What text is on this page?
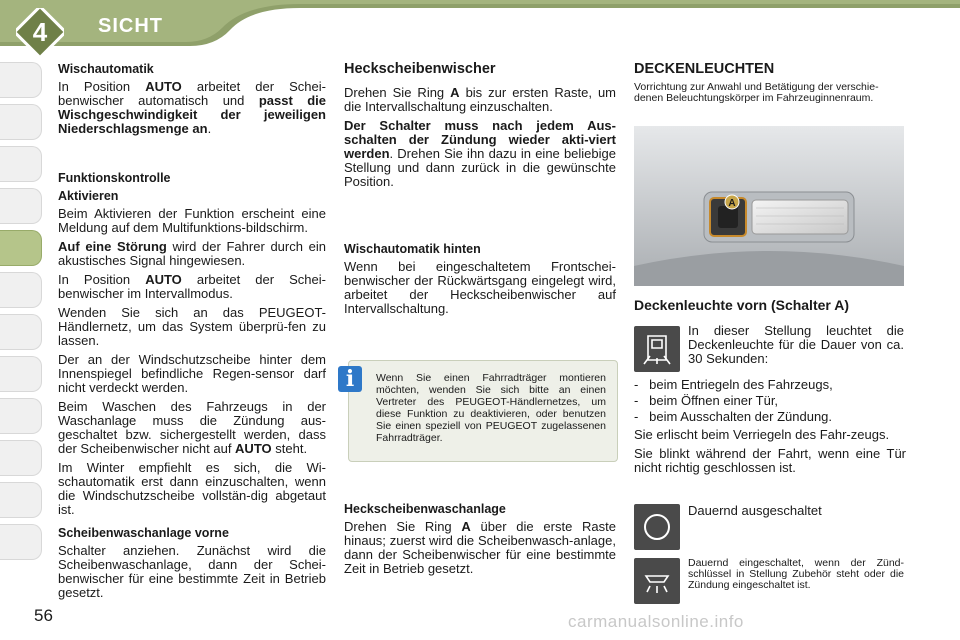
4	SICHT
Wischautomatik

In Position AUTO arbeitet der Schei-benwischer automatisch und passt die Wischgeschwindigkeit der jeweiligen Niederschlagsmenge an.

Funktionskontrolle
Aktivieren

Beim Aktivieren der Funktion erscheint eine Meldung auf dem Multifunktions-bildschirm.

Auf eine Störung wird der Fahrer durch ein akustisches Signal hingewiesen.

In Position AUTO arbeitet der Schei-benwischer im Intervallmodus.

Wenden Sie sich an das PEUGEOT-Händlernetz, um das System überprü-fen zu lassen.

Der an der Windschutzscheibe hinter dem Innenspiegel befindliche Regen-sensor darf nicht verdeckt werden.

Beim Waschen des Fahrzeugs in der Waschanlage muss die Zündung aus-geschaltet bzw. sichergestellt werden, dass der Scheibenwischer nicht auf AUTO steht.

Im Winter empfiehlt es sich, die Wi-schautomatik erst dann einzuschalten, wenn die Windschutzscheibe vollstän-dig abgetaut ist.

Scheibenwaschanlage vorne

Schalter anziehen. Zunächst wird die Scheibenwaschanlage, dann der Schei-benwischer für eine bestimmte Zeit in Betrieb gesetzt.

Heckscheibenwischer

Drehen Sie Ring A bis zur ersten Raste, um die Intervallschaltung einzuschalten.

Der Schalter muss nach jedem Aus-schalten der Zündung wieder akti-viert werden. Drehen Sie ihn dazu in eine beliebige Stellung und dann zurück in die gewünschte Position.

Wischautomatik hinten

Wenn bei eingeschaltetem Frontschei-benwischer der Rückwärtsgang eingelegt wird, arbeitet der Heckscheibenwischer auf Intervallschaltung.

i	Wenn Sie einen Fahrradträger montieren möchten, wenden Sie sich bitte an einen Vertreter des PEUGEOT-Händlernetzes, um diese Funktion zu deaktivieren, oder benutzen Sie einen speziell von PEUGEOT zugelassenen Fahrradträger.
Heckscheibenwaschanlage

Drehen Sie Ring A über die erste Raste hinaus; zuerst wird die Scheibenwasch-anlage, dann der Scheibenwischer für eine bestimmte Zeit in Betrieb gesetzt.

DECKENLEUCHTEN
Vorrichtung zur Anwahl und Betätigung der verschie-denen Beleuchtungskörper im Fahrzeuginnenraum.
A
Deckenleuchte vorn (Schalter A)

In dieser Stellung leuchtet die Deckenleuchte für die Dauer von ca. 30 Sekunden:

-   beim Entriegeln des Fahrzeugs,
-   beim Öffnen einer Tür,
-   beim Ausschalten der Zündung.

Sie erlischt beim Verriegeln des Fahr-zeugs.

Sie blinkt während der Fahrt, wenn eine Tür nicht richtig geschlossen ist.

Dauernd ausgeschaltet

Dauernd eingeschaltet, wenn der Zünd-schlüssel in Stellung Zubehör steht oder die Zündung eingeschaltet ist.

56	carmanualsonline.info
